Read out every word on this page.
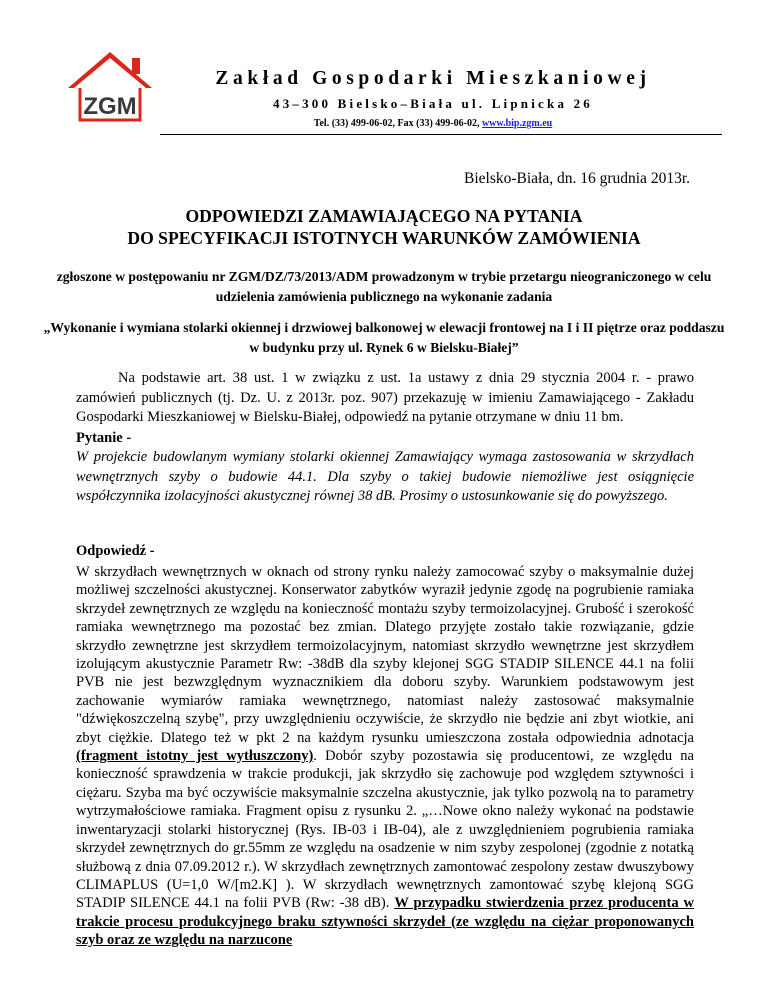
ZGM
Zakład Gospodarki Mieszkaniowej
43–300 Bielsko–Biała ul. Lipnicka 26
Tel. (33) 499-06-02, Fax (33) 499-06-02, www.bip.zgm.eu
Bielsko-Biała, dn. 16 grudnia 2013r.
ODPOWIEDZI ZAMAWIAJĄCEGO NA PYTANIA
DO SPECYFIKACJI ISTOTNYCH WARUNKÓW ZAMÓWIENIA
zgłoszone w postępowaniu nr ZGM/DZ/73/2013/ADM prowadzonym w trybie przetargu nieograniczonego w celu udzielenia zamówienia publicznego na wykonanie zadania
„Wykonanie i wymiana stolarki okiennej i drzwiowej balkonowej w elewacji frontowej na I i II piętrze oraz poddaszu w budynku przy ul. Rynek 6 w Bielsku-Białej”
Na podstawie art. 38 ust. 1 w związku z ust. 1a ustawy z dnia 29 stycznia 2004 r. - prawo zamówień publicznych (tj. Dz. U. z 2013r. poz. 907) przekazuję w imieniu Zamawiającego - Zakładu Gospodarki Mieszkaniowej w Bielsku-Białej, odpowiedź na pytanie otrzymane w dniu 11 bm.
Pytanie -
W projekcie budowlanym wymiany stolarki okiennej Zamawiający wymaga zastosowania w skrzydłach wewnętrznych szyby o budowie 44.1. Dla szyby o takiej budowie niemożliwe jest osiągnięcie współczynnika izolacyjności akustycznej równej 38 dB. Prosimy o ustosunkowanie się do powyższego.
Odpowiedź -
W skrzydłach wewnętrznych w oknach od strony rynku należy zamocować szyby o maksymalnie dużej możliwej szczelności akustycznej. Konserwator zabytków wyraził jedynie zgodę na pogrubienie ramiaka skrzydeł zewnętrznych ze względu na konieczność montażu szyby termoizolacyjnej. Grubość i szerokość ramiaka wewnętrznego ma pozostać bez zmian. Dlatego przyjęte zostało takie rozwiązanie, gdzie skrzydło zewnętrzne jest skrzydłem termoizolacyjnym, natomiast skrzydło wewnętrzne jest skrzydłem izolującym akustycznie Parametr Rw: -38dB dla szyby klejonej SGG STADIP SILENCE 44.1 na folii PVB nie jest bezwzględnym wyznacznikiem dla doboru szyby. Warunkiem podstawowym jest zachowanie wymiarów ramiaka wewnętrznego, natomiast należy zastosować maksymalnie "dźwiękoszczelną szybę", przy uwzględnieniu oczywiście, że skrzydło nie będzie ani zbyt wiotkie, ani zbyt ciężkie. Dlatego też w pkt 2 na każdym rysunku umieszczona została odpowiednia adnotacja (fragment istotny jest wytłuszczony). Dobór szyby pozostawia się producentowi, ze względu na konieczność sprawdzenia w trakcie produkcji, jak skrzydło się zachowuje pod względem sztywności i ciężaru. Szyba ma być oczywiście maksymalnie szczelna akustycznie, jak tylko pozwolą na to parametry wytrzymałościowe ramiaka. Fragment opisu z rysunku 2. „…Nowe okno należy wykonać na podstawie inwentaryzacji stolarki historycznej (Rys. IB-03 i IB-04), ale z uwzględnieniem pogrubienia ramiaka skrzydeł zewnętrznych do gr.55mm ze względu na osadzenie w nim szyby zespolonej (zgodnie z notatką służbową z dnia 07.09.2012 r.). W skrzydłach zewnętrznych zamontować zespolony zestaw dwuszybowy CLIMAPLUS (U=1,0 W/[m2.K] ). W skrzydłach wewnętrznych zamontować szybę klejoną SGG STADIP SILENCE 44.1 na folii PVB (Rw: -38 dB). W przypadku stwierdzenia przez producenta w trakcie procesu produkcyjnego braku sztywności skrzydeł (ze względu na ciężar proponowanych szyb oraz ze względu na narzucone
